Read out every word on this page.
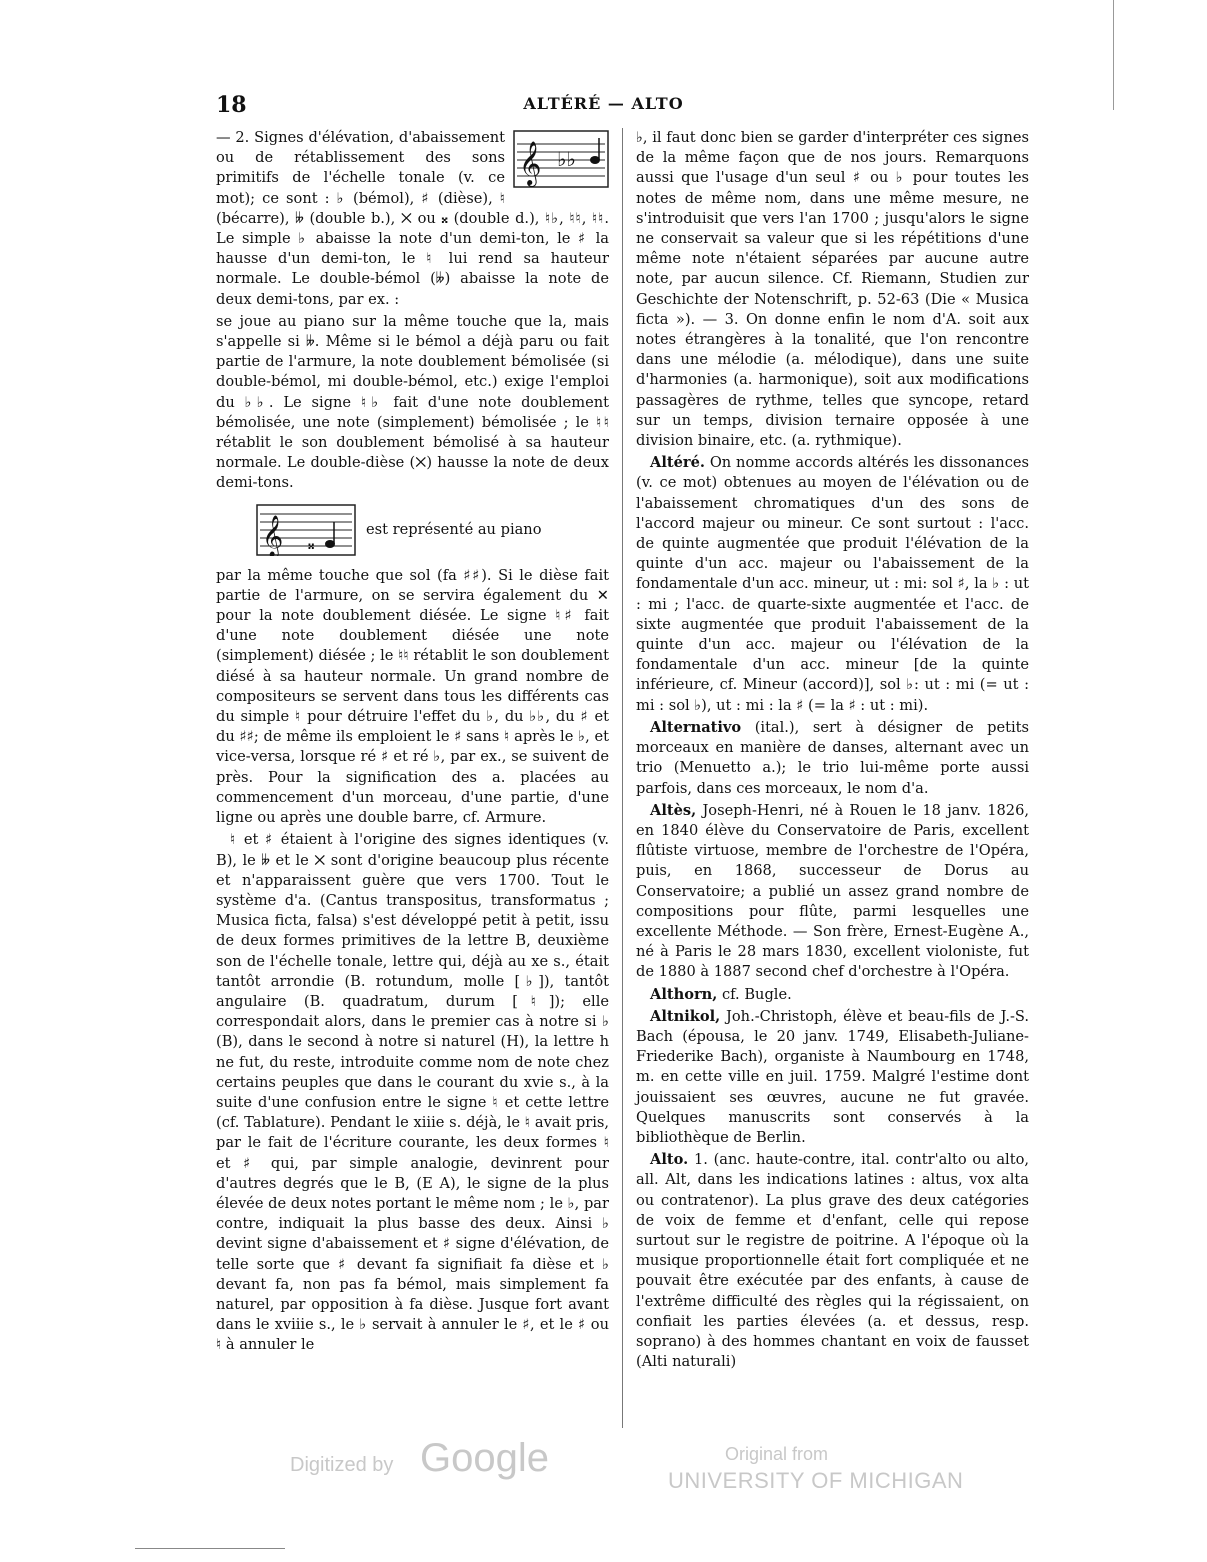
18	ALTÉRÉ — ALTO

𝄞 ♭♭
— 2. Signes d'élévation, d'abaissement ou de rétablissement des sons primitifs de l'échelle tonale (v. ce mot); ce sont : ♭ (bémol), ♯ (dièse), ♮ (bécarre), 𝄫 (double b.), ✕ ou 𝄪 (double d.), ♮♭, ♮♮, ♮♮. Le simple ♭ abaisse la note d'un demi-ton, le ♯ la hausse d'un demi-ton, le ♮ lui rend sa hauteur normale. Le double-bémol (𝄫) abaisse la note de deux demi-tons, par ex. :

se joue au piano sur la même touche que la, mais s'appelle si 𝄫. Même si le bémol a déjà paru ou fait partie de l'armure, la note doublement bémolisée (si double-bémol, mi double-bémol, etc.) exige l'emploi du ♭♭. Le signe ♮♭ fait d'une note doublement bémolisée, une note (simplement) bémolisée ; le ♮♮ rétablit le son doublement bémolisé à sa hauteur normale. Le double-dièse (✕) hausse la note de deux demi-tons.

𝄞 𝄪
est représenté au piano

par la même touche que sol (fa ♯♯). Si le dièse fait partie de l'armure, on se servira également du ✕ pour la note doublement diésée. Le signe ♮♯ fait d'une note doublement diésée une note (simplement) diésée ; le ♮♮ rétablit le son doublement diésé à sa hauteur normale. Un grand nombre de compositeurs se servent dans tous les différents cas du simple ♮ pour détruire l'effet du ♭, du ♭♭, du ♯ et du ♯♯; de même ils emploient le ♯ sans ♮ après le ♭, et vice-versa, lorsque ré ♯ et ré ♭, par ex., se suivent de près. Pour la signification des a. placées au commencement d'un morceau, d'une partie, d'une ligne ou après une double barre, cf. Armure.

♮ et ♯ étaient à l'origine des signes identiques (v. B), le 𝄫 et le ✕ sont d'origine beaucoup plus récente et n'apparaissent guère que vers 1700. Tout le système d'a. (Cantus transpositus, transformatus ; Musica ficta, falsa) s'est développé petit à petit, issu de deux formes primitives de la lettre B, deuxième son de l'échelle tonale, lettre qui, déjà au xe s., était tantôt arrondie (B. rotundum, molle [♭]), tantôt angulaire (B. quadratum, durum [♮]); elle correspondait alors, dans le premier cas à notre si ♭ (B), dans le second à notre si naturel (H), la lettre h ne fut, du reste, introduite comme nom de note chez certains peuples que dans le courant du xvie s., à la suite d'une confusion entre le signe ♮ et cette lettre (cf. Tablature). Pendant le xiiie s. déjà, le ♮ avait pris, par le fait de l'écriture courante, les deux formes ♮ et ♯ qui, par simple analogie, devinrent pour d'autres degrés que le B, (E A), le signe de la plus élevée de deux notes portant le même nom ; le ♭, par contre, indiquait la plus basse des deux. Ainsi ♭ devint signe d'abaissement et ♯ signe d'élévation, de telle sorte que ♯ devant fa signifiait fa dièse et ♭ devant fa, non pas fa bémol, mais simplement fa naturel, par opposition à fa dièse. Jusque fort avant dans le xviiie s., le ♭ servait à annuler le ♯, et le ♯ ou ♮ à annuler le

♭, il faut donc bien se garder d'interpréter ces signes de la même façon que de nos jours. Remarquons aussi que l'usage d'un seul ♯ ou ♭ pour toutes les notes de même nom, dans une même mesure, ne s'introduisit que vers l'an 1700 ; jusqu'alors le signe ne conservait sa valeur que si les répétitions d'une même note n'étaient séparées par aucune autre note, par aucun silence. Cf. Riemann, Studien zur Geschichte der Notenschrift, p. 52-63 (Die « Musica ficta »). — 3. On donne enfin le nom d'A. soit aux notes étrangères à la tonalité, que l'on rencontre dans une mélodie (a. mélodique), dans une suite d'harmonies (a. harmonique), soit aux modifications passagères de rythme, telles que syncope, retard sur un temps, division ternaire opposée à une division binaire, etc. (a. rythmique).

Altéré. On nomme accords altérés les dissonances (v. ce mot) obtenues au moyen de l'élévation ou de l'abaissement chromatiques d'un des sons de l'accord majeur ou mineur. Ce sont surtout : l'acc. de quinte augmentée que produit l'élévation de la quinte d'un acc. majeur ou l'abaissement de la fondamentale d'un acc. mineur, ut : mi: sol ♯, la ♭ : ut : mi ; l'acc. de quarte-sixte augmentée et l'acc. de sixte augmentée que produit l'abaissement de la quinte d'un acc. majeur ou l'élévation de la fondamentale d'un acc. mineur [de la quinte inférieure, cf. Mineur (accord)], sol ♭: ut : mi (= ut : mi : sol ♭), ut : mi : la ♯ (= la ♯ : ut : mi).

Alternativo (ital.), sert à désigner de petits morceaux en manière de danses, alternant avec un trio (Menuetto a.); le trio lui-même porte aussi parfois, dans ces morceaux, le nom d'a.

Altès, Joseph-Henri, né à Rouen le 18 janv. 1826, en 1840 élève du Conservatoire de Paris, excellent flûtiste virtuose, membre de l'orchestre de l'Opéra, puis, en 1868, successeur de Dorus au Conservatoire; a publié un assez grand nombre de compositions pour flûte, parmi lesquelles une excellente Méthode. — Son frère, Ernest-Eugène A., né à Paris le 28 mars 1830, excellent violoniste, fut de 1880 à 1887 second chef d'orchestre à l'Opéra.

Althorn, cf. Bugle.

Altnikol, Joh.-Christoph, élève et beau-fils de J.-S. Bach (épousa, le 20 janv. 1749, Elisabeth-Juliane-Friederike Bach), organiste à Naumbourg en 1748, m. en cette ville en juil. 1759. Malgré l'estime dont jouissaient ses œuvres, aucune ne fut gravée. Quelques manuscrits sont conservés à la bibliothèque de Berlin.

Alto. 1. (anc. haute-contre, ital. contr'alto ou alto, all. Alt, dans les indications latines : altus, vox alta ou contratenor). La plus grave des deux catégories de voix de femme et d'enfant, celle qui repose surtout sur le registre de poitrine. A l'époque où la musique proportionnelle était fort compliquée et ne pouvait être exécutée par des enfants, à cause de l'extrême difficulté des règles qui la régissaient, on confiait les parties élevées (a. et dessus, resp. soprano) à des hommes chantant en voix de fausset (Alti naturali)

Digitized by Google	Original from
UNIVERSITY OF MICHIGAN
